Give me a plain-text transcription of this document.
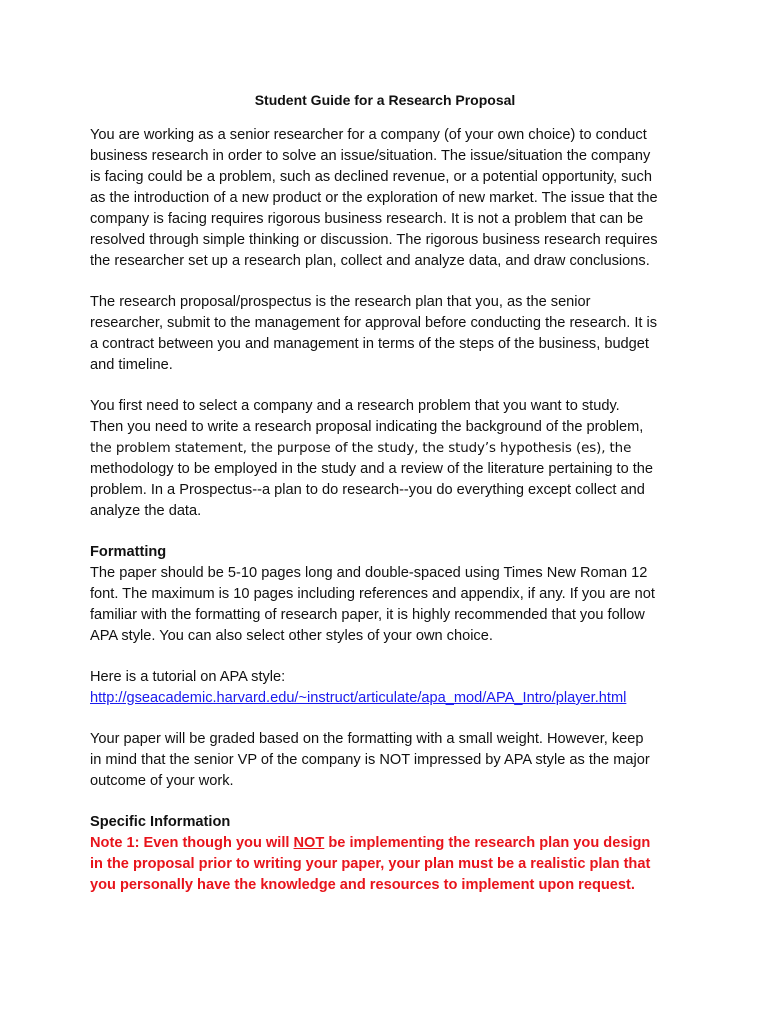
Student Guide for a Research Proposal

You are working as a senior researcher for a company (of your own choice) to conduct
business research in order to solve an issue/situation. The issue/situation the company
is facing could be a problem, such as declined revenue, or a potential opportunity, such
as the introduction of a new product or the exploration of new market. The issue that the
company is facing requires rigorous business research. It is not a problem that can be
resolved through simple thinking or discussion. The rigorous business research requires
the researcher set up a research plan, collect and analyze data, and draw conclusions.

The research proposal/prospectus is the research plan that you, as the senior
researcher, submit to the management for approval before conducting the research. It is
a contract between you and management in terms of the steps of the business, budget
and timeline.

You first need to select a company and a research problem that you want to study.
Then you need to write a research proposal indicating the background of the problem,
the problem statement, the purpose of the study, the study’s hypothesis (es), the
methodology to be employed in the study and a review of the literature pertaining to the
problem. In a Prospectus--a plan to do research--you do everything except collect and
analyze the data.

Formatting
The paper should be 5-10 pages long and double-spaced using Times New Roman 12
font. The maximum is 10 pages including references and appendix, if any. If you are not
familiar with the formatting of research paper, it is highly recommended that you follow
APA style. You can also select other styles of your own choice.

Here is a tutorial on APA style:
http://gseacademic.harvard.edu/~instruct/articulate/apa_mod/APA_Intro/player.html

Your paper will be graded based on the formatting with a small weight. However, keep
in mind that the senior VP of the company is NOT impressed by APA style as the major
outcome of your work.

Specific Information
Note 1: Even though you will NOT be implementing the research plan you design
in the proposal prior to writing your paper, your plan must be a realistic plan that
you personally have the knowledge and resources to implement upon request.
